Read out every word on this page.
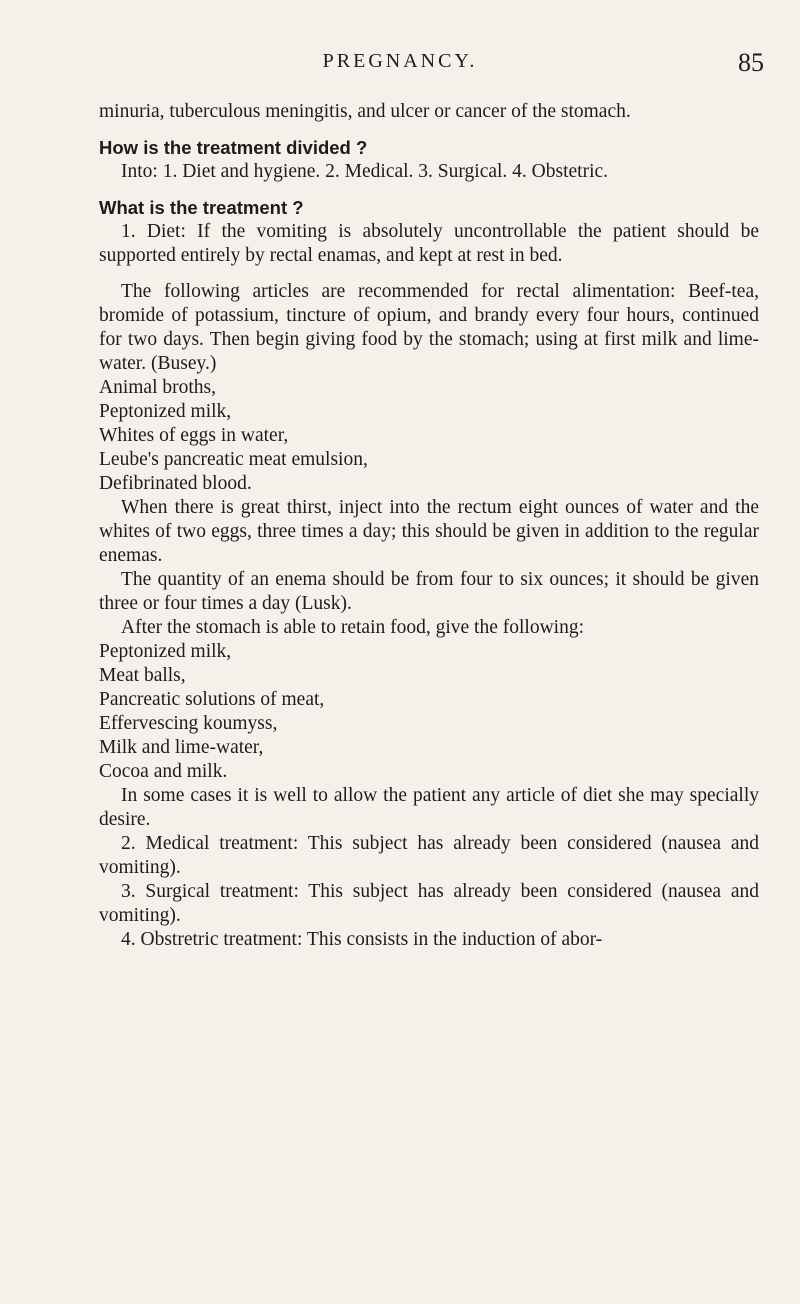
PREGNANCY.	85

minuria, tuberculous meningitis, and ulcer or cancer of the stomach.

How is the treatment divided ?

Into: 1. Diet and hygiene. 2. Medical. 3. Surgical. 4. Obstetric.

What is the treatment ?

1. Diet: If the vomiting is absolutely uncontrollable the patient should be supported entirely by rectal enamas, and kept at rest in bed.

The following articles are recommended for rectal alimentation: Beef-tea, bromide of potassium, tincture of opium, and brandy every four hours, continued for two days. Then begin giving food by the stomach; using at first milk and lime-water. (Busey.)

Animal broths,
Peptonized milk,
Whites of eggs in water,
Leube's pancreatic meat emulsion,
Defibrinated blood.

When there is great thirst, inject into the rectum eight ounces of water and the whites of two eggs, three times a day; this should be given in addition to the regular enemas.

The quantity of an enema should be from four to six ounces; it should be given three or four times a day (Lusk).

After the stomach is able to retain food, give the following:

Peptonized milk,
Meat balls,
Pancreatic solutions of meat,
Effervescing koumyss,
Milk and lime-water,
Cocoa and milk.

In some cases it is well to allow the patient any article of diet she may specially desire.

2. Medical treatment: This subject has already been considered (nausea and vomiting).

3. Surgical treatment: This subject has already been considered (nausea and vomiting).

4. Obstretric treatment: This consists in the induction of abor-
